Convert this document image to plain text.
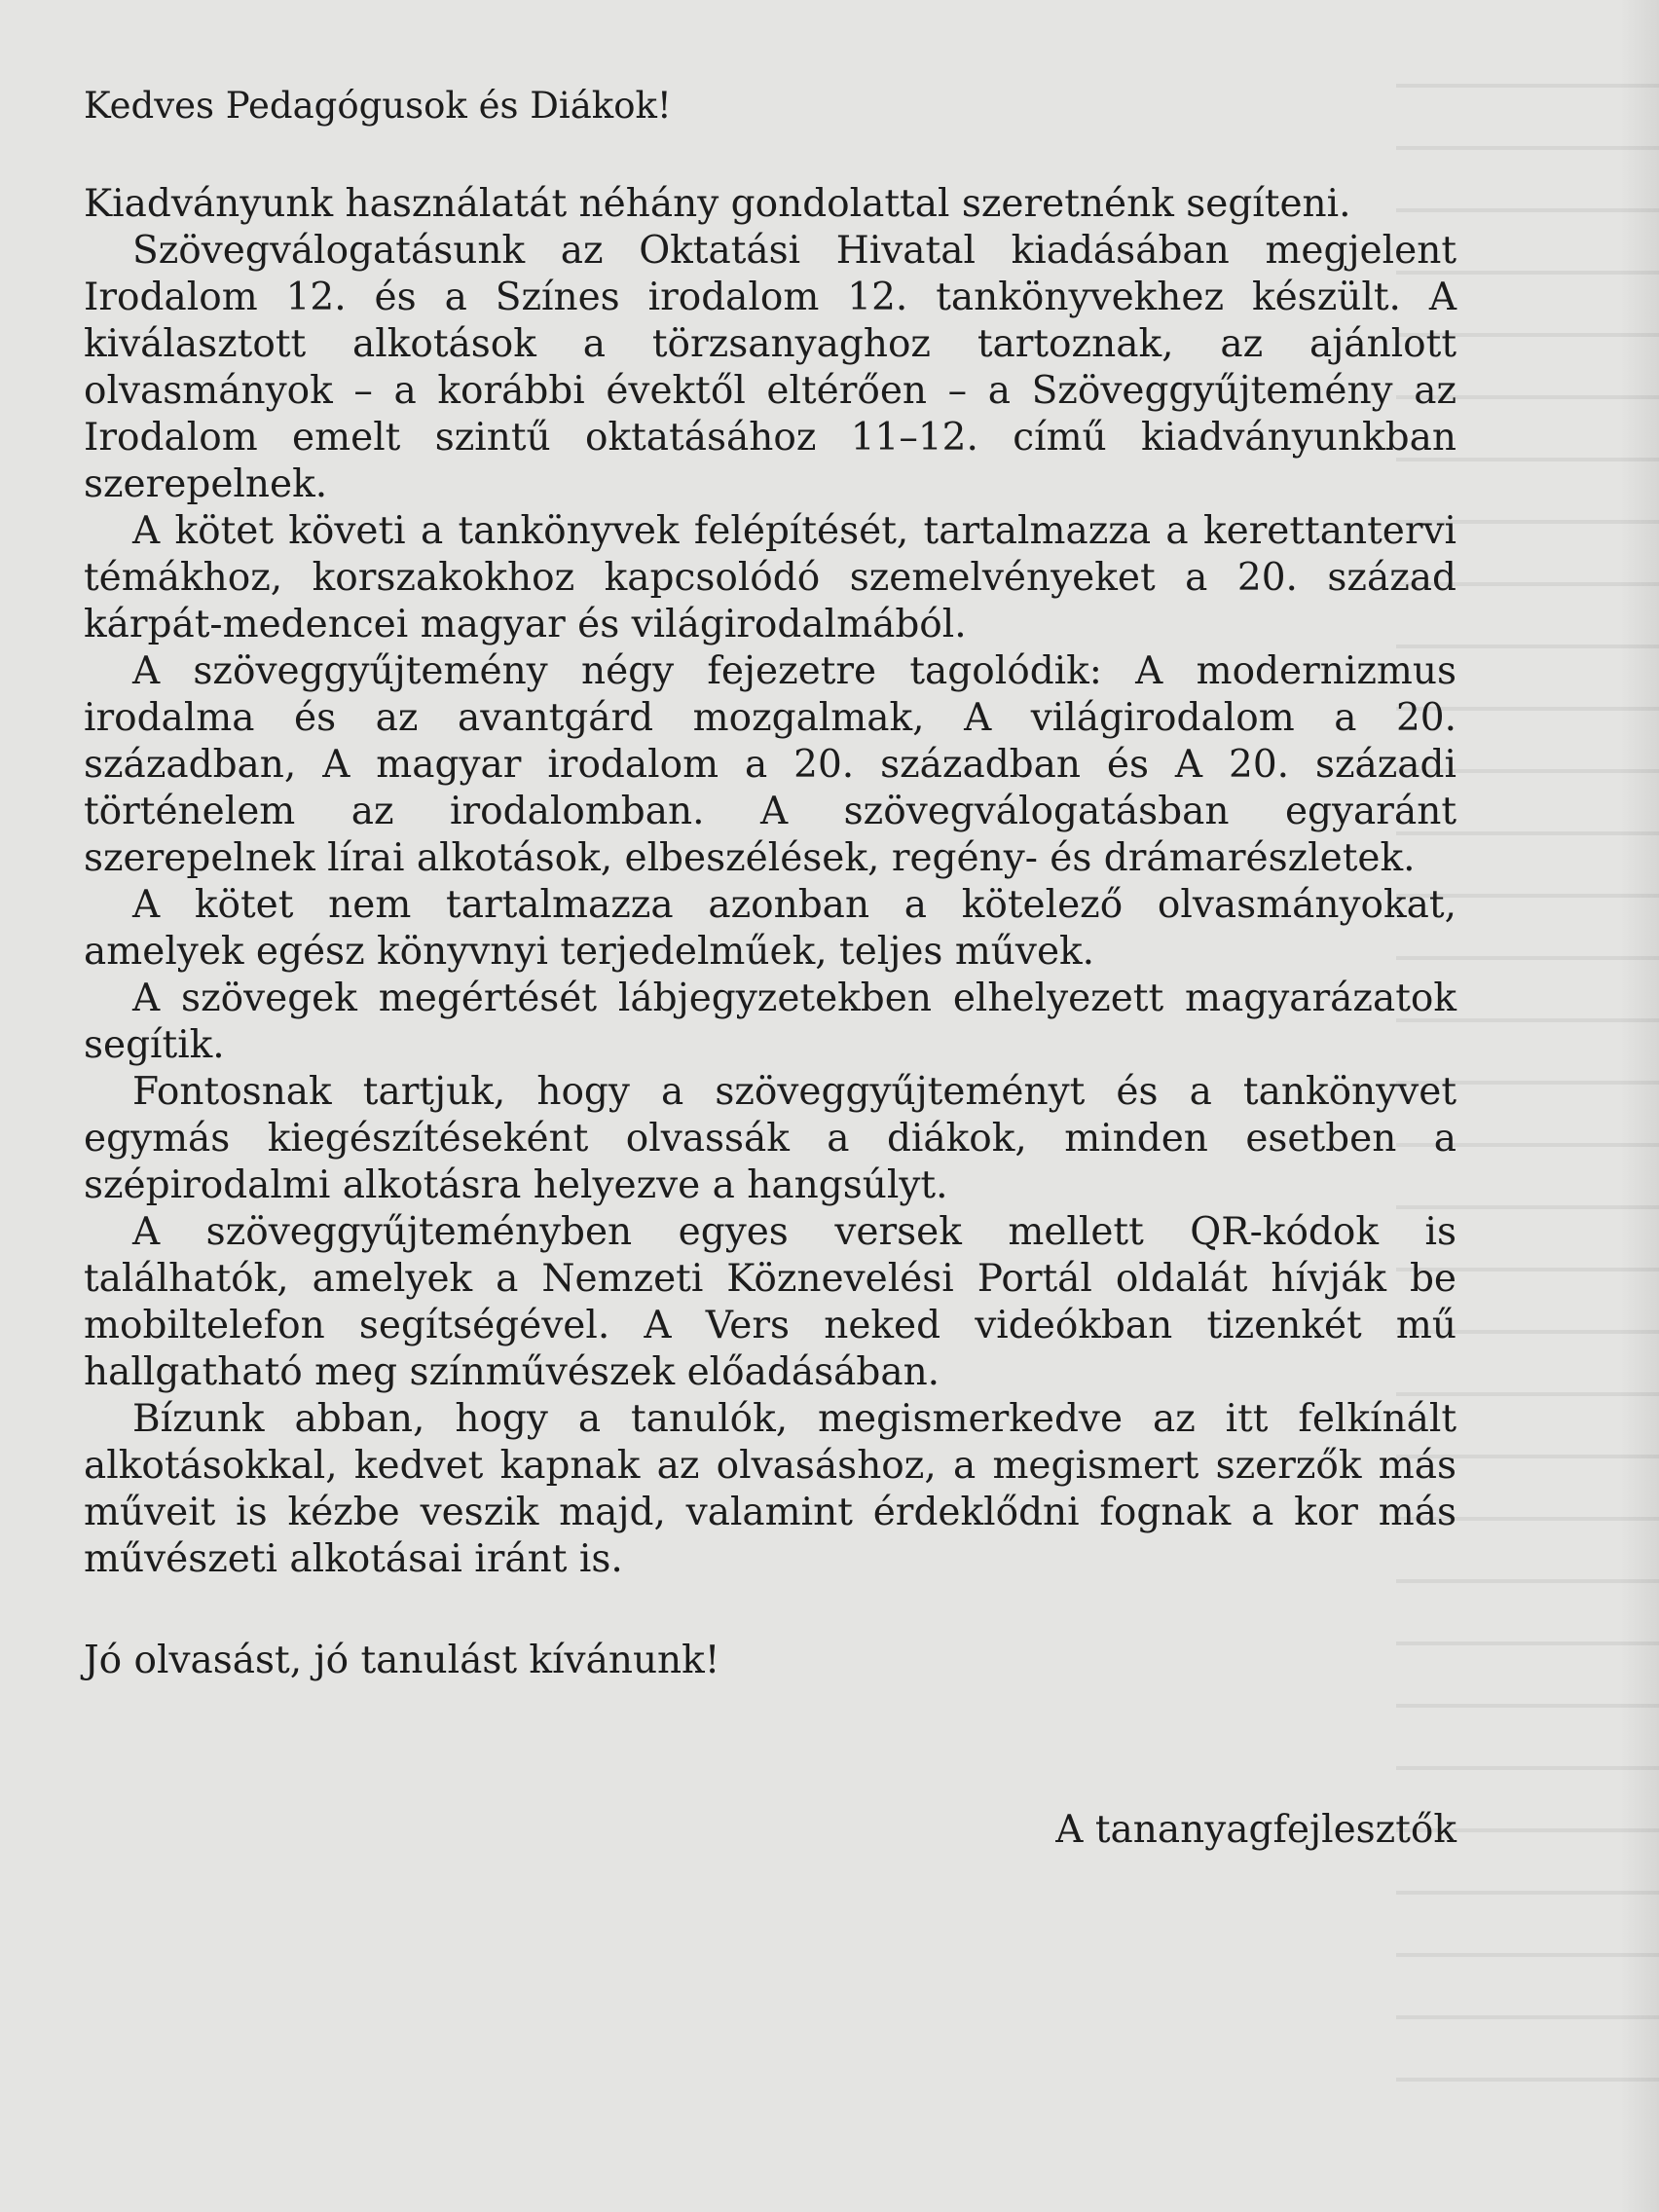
Kedves Pedagógusok és Diákok!

Kiadványunk használatát néhány gondolattal szeretnénk segíteni.

Szövegválogatásunk az Oktatási Hivatal kiadásában megjelent Irodalom 12. és a Színes irodalom 12. tankönyvekhez készült. A kiválasztott alkotások a törzsanyaghoz tartoznak, az ajánlott olvasmányok – a korábbi évektől eltérően – a Szöveggyűjtemény az Irodalom emelt szintű oktatásához 11–12. című kiadványunkban szerepelnek.

A kötet követi a tankönyvek felépítését, tartalmazza a kerettantervi témákhoz, korszakokhoz kapcsolódó szemelvényeket a 20. század kárpát-medencei magyar és világirodalmából.

A szöveggyűjtemény négy fejezetre tagolódik: A modernizmus irodalma és az avantgárd mozgalmak, A világirodalom a 20. században, A magyar irodalom a 20. században és A 20. századi történelem az irodalomban. A szövegválogatásban egyaránt szerepelnek lírai alkotások, elbeszélések, regény- és drámarészletek.

A kötet nem tartalmazza azonban a kötelező olvasmányokat, amelyek egész könyvnyi terjedelműek, teljes művek.

A szövegek megértését lábjegyzetekben elhelyezett magyarázatok segítik.

Fontosnak tartjuk, hogy a szöveggyűjteményt és a tankönyvet egymás kiegészítéseként olvassák a diákok, minden esetben a szépirodalmi alkotásra helyezve a hangsúlyt.

A szöveggyűjteményben egyes versek mellett QR-kódok is találhatók, amelyek a Nemzeti Köznevelési Portál oldalát hívják be mobiltelefon segítségével. A Vers neked videókban tizenkét mű hallgatható meg színművészek előadásában.

Bízunk abban, hogy a tanulók, megismerkedve az itt felkínált alkotásokkal, kedvet kapnak az olvasáshoz, a megismert szerzők más műveit is kézbe veszik majd, valamint érdeklődni fognak a kor más művészeti alkotásai iránt is.

Jó olvasást, jó tanulást kívánunk!

A tananyagfejlesztők
